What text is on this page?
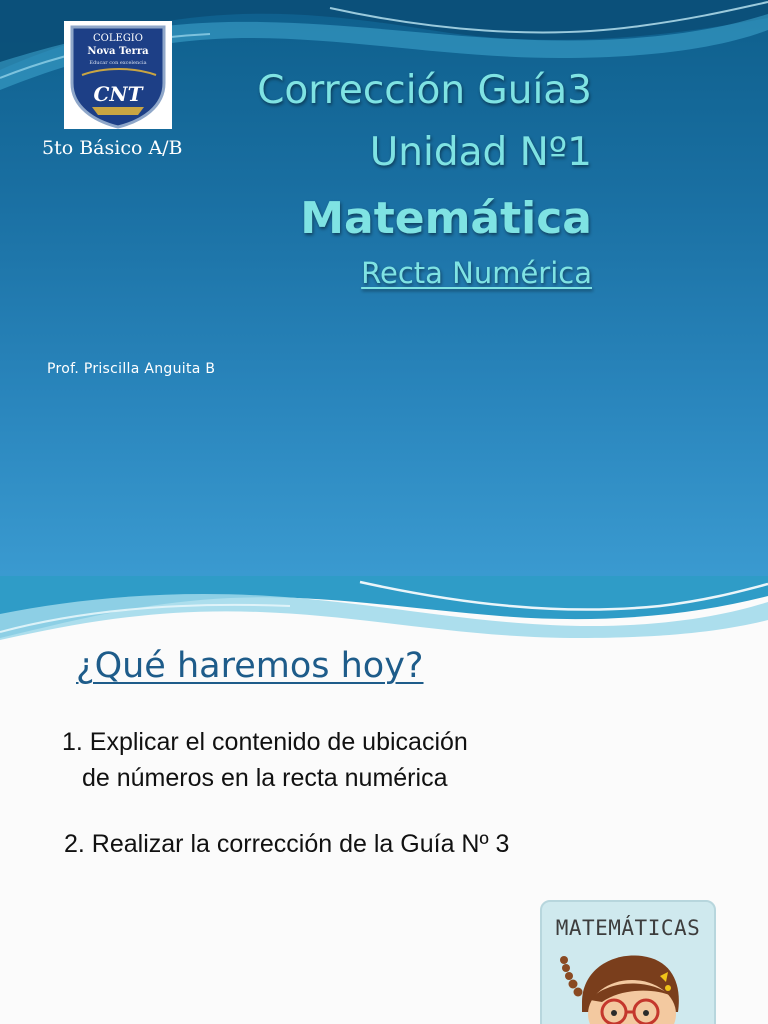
COLEGIO
Nova Terra
Educar con excelencia
CNT
5to Básico A/B
Corrección Guía3
Unidad Nº1
Matemática
Recta Numérica
Prof. Priscilla Anguita B
¿Qué haremos hoy?
1. Explicar el contenido de ubicación
de números en la recta numérica
2. Realizar la corrección de la Guía Nº 3
MATEMÁTICAS
